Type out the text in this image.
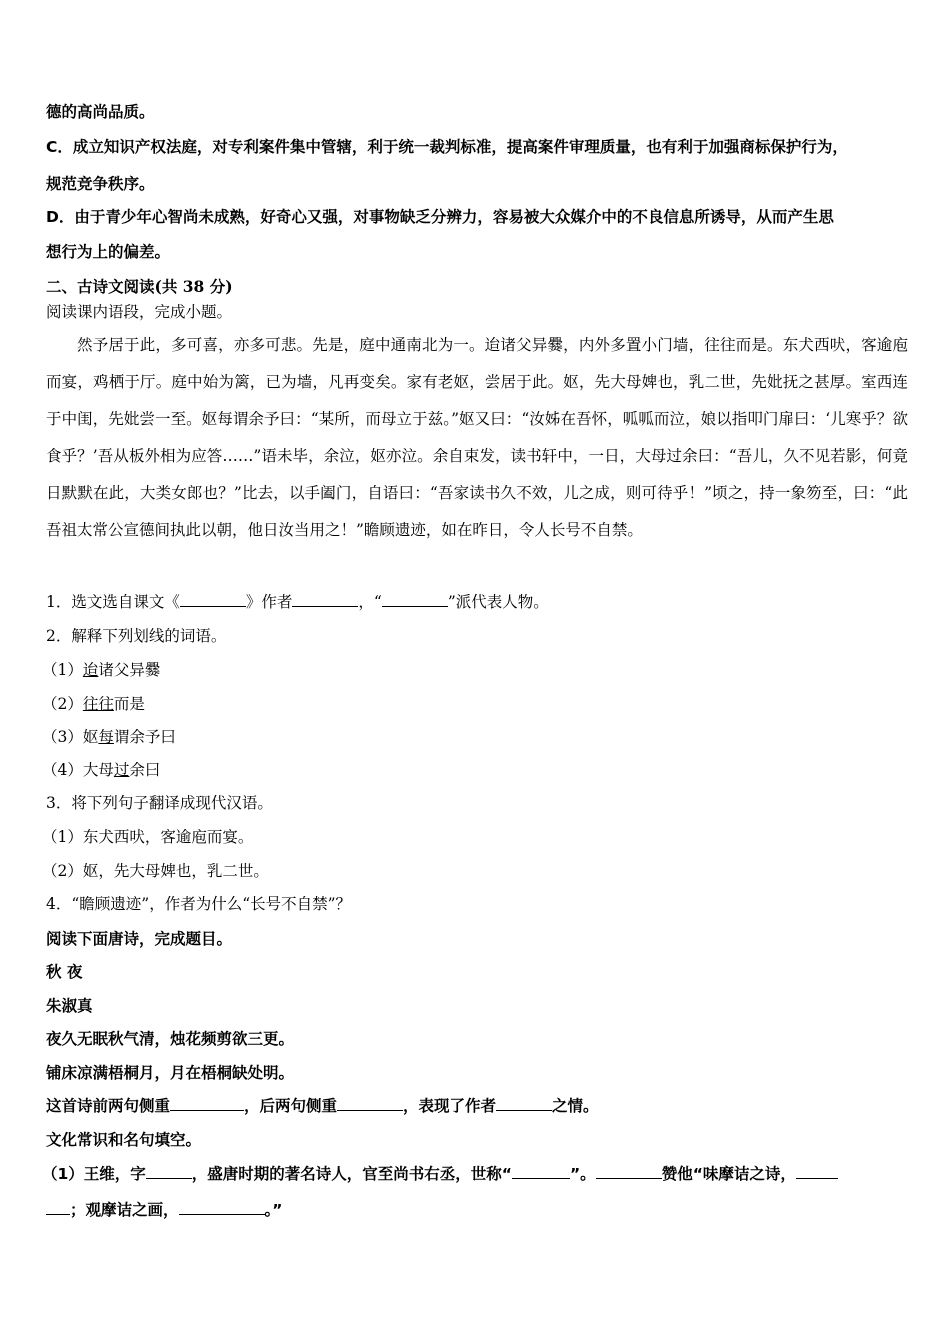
德的高尚品质。
C．成立知识产权法庭，对专利案件集中管辖，利于统一裁判标准，提高案件审理质量，也有利于加强商标保护行为，
规范竞争秩序。
D．由于青少年心智尚未成熟，好奇心又强，对事物缺乏分辨力，容易被大众媒介中的不良信息所诱导，从而产生思
想行为上的偏差。
二、古诗文阅读(共 38 分)
阅读课内语段，完成小题。
然予居于此，多可喜，亦多可悲。先是，庭中通南北为一。迨诸父异爨，内外多置小门墙，往往而是。东犬西吠，客逾庖而宴，鸡栖于厅。庭中始为篱，已为墙，凡再变矣。家有老妪，尝居于此。妪，先大母婢也，乳二世，先妣抚之甚厚。室西连于中闺，先妣尝一至。妪每谓余予曰：“某所，而母立于兹。”妪又曰：“汝姊在吾怀，呱呱而泣，娘以指叩门扉曰：‘儿寒乎？欲食乎？’吾从板外相为应答……”语未毕，余泣，妪亦泣。余自束发，读书轩中，一日，大母过余曰：“吾儿，久不见若影，何竟日默默在此，大类女郎也？”比去，以手阖门，自语曰：“吾家读书久不效，儿之成，则可待乎！”顷之，持一象笏至，曰：“此吾祖太常公宣德间执此以朝，他日汝当用之！”瞻顾遗迹，如在昨日，令人长号不自禁。
1．选文选自课文《	》作者	，“	”派代表人物。
2．解释下列划线的词语。
（1）迨诸父异爨
（2）往往而是
（3）妪每谓余予曰
（4）大母过余曰
3．将下列句子翻译成现代汉语。
（1）东犬西吠，客逾庖而宴。
（2）妪，先大母婢也，乳二世。
4．“瞻顾遗迹”，作者为什么“长号不自禁”？
阅读下面唐诗，完成题目。
秋 夜
朱淑真
夜久无眠秋气清，烛花频剪欲三更。
铺床凉满梧桐月，月在梧桐缺处明。
这首诗前两句侧重	，后两句侧重	，表现了作者	之情。
文化常识和名句填空。
（1）王维，字	，盛唐时期的著名诗人，官至尚书右丞，世称“	”。	赞他“味摩诘之诗，
；观摩诘之画，	。”
